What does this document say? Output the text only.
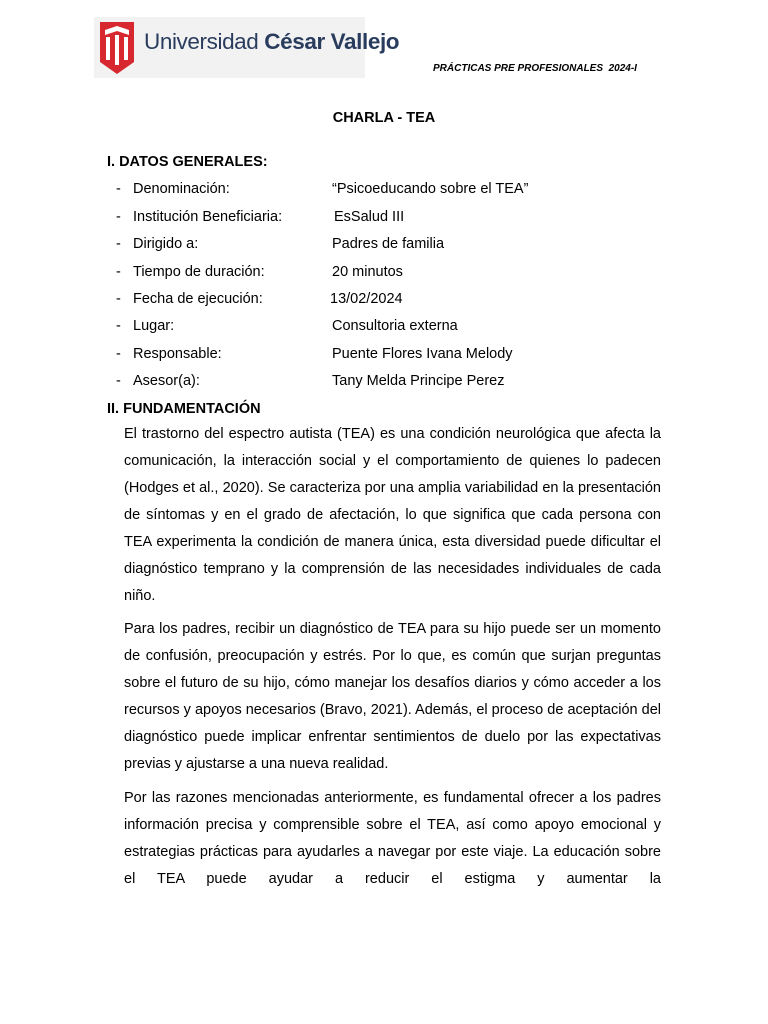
Universidad César Vallejo
PRÁCTICAS PRE PROFESIONALES  2024-I
CHARLA - TEA
I. DATOS GENERALES:
- Denominación:	“Psicoeducando sobre el TEA”
- Institución Beneficiaria:	EsSalud III
- Dirigido a:	Padres de familia
- Tiempo de duración:	20 minutos
- Fecha de ejecución:	13/02/2024
- Lugar:	Consultoria externa
- Responsable:	Puente Flores Ivana Melody
- Asesor(a):	Tany Melda Principe Perez
II. FUNDAMENTACIÓN

El trastorno del espectro autista (TEA) es una condición neurológica que afecta la comunicación, la interacción social y el comportamiento de quienes lo padecen (Hodges et al., 2020). Se caracteriza por una amplia variabilidad en la presentación de síntomas y en el grado de afectación, lo que significa que cada persona con TEA experimenta la condición de manera única, esta diversidad puede dificultar el diagnóstico temprano y la comprensión de las necesidades individuales de cada niño.

Para los padres, recibir un diagnóstico de TEA para su hijo puede ser un momento de confusión, preocupación y estrés. Por lo que, es común que surjan preguntas sobre el futuro de su hijo, cómo manejar los desafíos diarios y cómo acceder a los recursos y apoyos necesarios (Bravo, 2021). Además, el proceso de aceptación del diagnóstico puede implicar enfrentar sentimientos de duelo por las expectativas previas y ajustarse a una nueva realidad.

Por las razones mencionadas anteriormente, es fundamental ofrecer a los padres información precisa y comprensible sobre el TEA, así como apoyo emocional y estrategias prácticas para ayudarles a navegar por este viaje. La educación sobre el TEA puede ayudar a reducir el estigma y aumentar la
